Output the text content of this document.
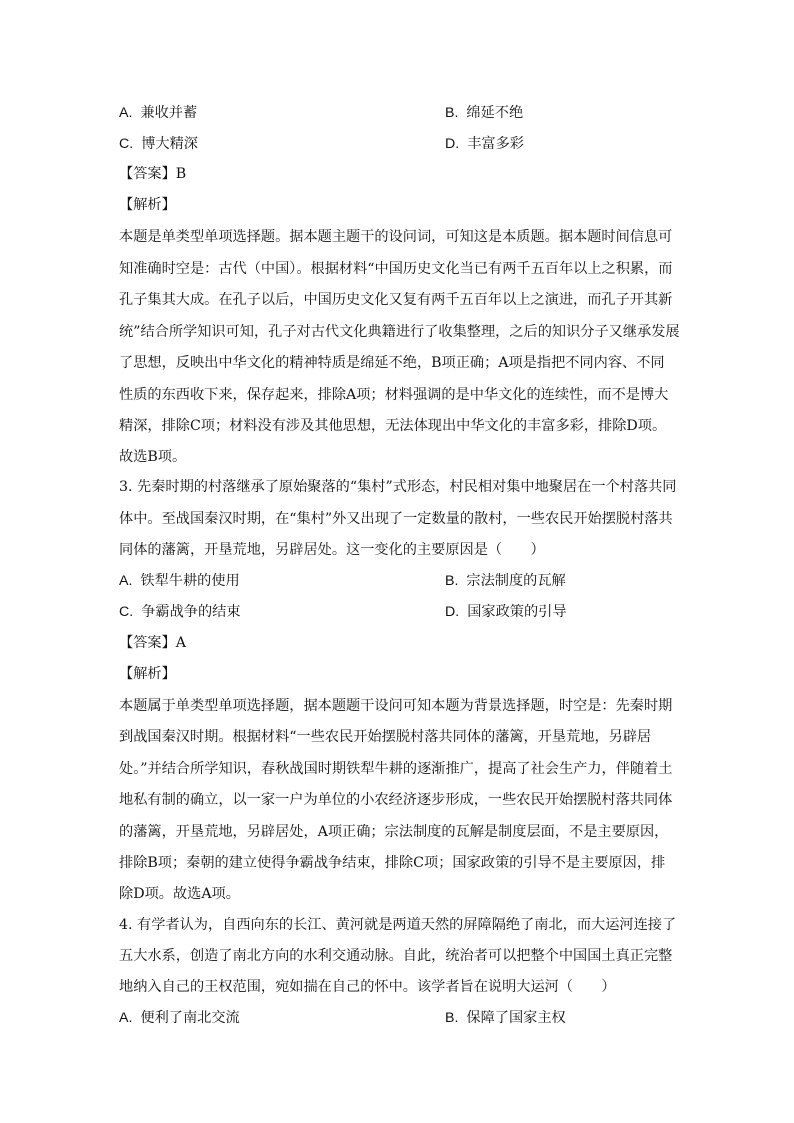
A. 兼收并蓄	B. 绵延不绝
C. 博大精深	D. 丰富多彩
【答案】B
【解析】
本题是单类型单项选择题。据本题主题干的设问词，可知这是本质题。据本题时间信息可
知准确时空是：古代（中国）。根据材料“中国历史文化当已有两千五百年以上之积累，而
孔子集其大成。在孔子以后，中国历史文化又复有两千五百年以上之演进，而孔子开其新
统”结合所学知识可知，孔子对古代文化典籍进行了收集整理，之后的知识分子又继承发展
了思想，反映出中华文化的精神特质是绵延不绝，B项正确；A项是指把不同内容、不同
性质的东西收下来，保存起来，排除A项；材料强调的是中华文化的连续性，而不是博大
精深，排除C项；材料没有涉及其他思想，无法体现出中华文化的丰富多彩，排除D项。
故选B项。
3. 先秦时期的村落继承了原始聚落的“集村”式形态，村民相对集中地聚居在一个村落共同
体中。至战国秦汉时期，在“集村”外又出现了一定数量的散村，一些农民开始摆脱村落共
同体的藩篱，开垦荒地，另辟居处。这一变化的主要原因是（　　）
A. 铁犁牛耕的使用	B. 宗法制度的瓦解
C. 争霸战争的结束	D. 国家政策的引导
【答案】A
【解析】
本题属于单类型单项选择题，据本题题干设问可知本题为背景选择题，时空是：先秦时期
到战国秦汉时期。根据材料“一些农民开始摆脱村落共同体的藩篱，开垦荒地，另辟居
处。”并结合所学知识，春秋战国时期铁犁牛耕的逐渐推广，提高了社会生产力，伴随着土
地私有制的确立，以一家一户为单位的小农经济逐步形成，一些农民开始摆脱村落共同体
的藩篱，开垦荒地，另辟居处，A项正确；宗法制度的瓦解是制度层面，不是主要原因，
排除B项；秦朝的建立使得争霸战争结束，排除C项；国家政策的引导不是主要原因，排
除D项。故选A项。
4. 有学者认为，自西向东的长江、黄河就是两道天然的屏障隔绝了南北，而大运河连接了
五大水系，创造了南北方向的水利交通动脉。自此，统治者可以把整个中国国土真正完整
地纳入自己的王权范围，宛如揣在自己的怀中。该学者旨在说明大运河（　　）
A. 便利了南北交流	B. 保障了国家主权
